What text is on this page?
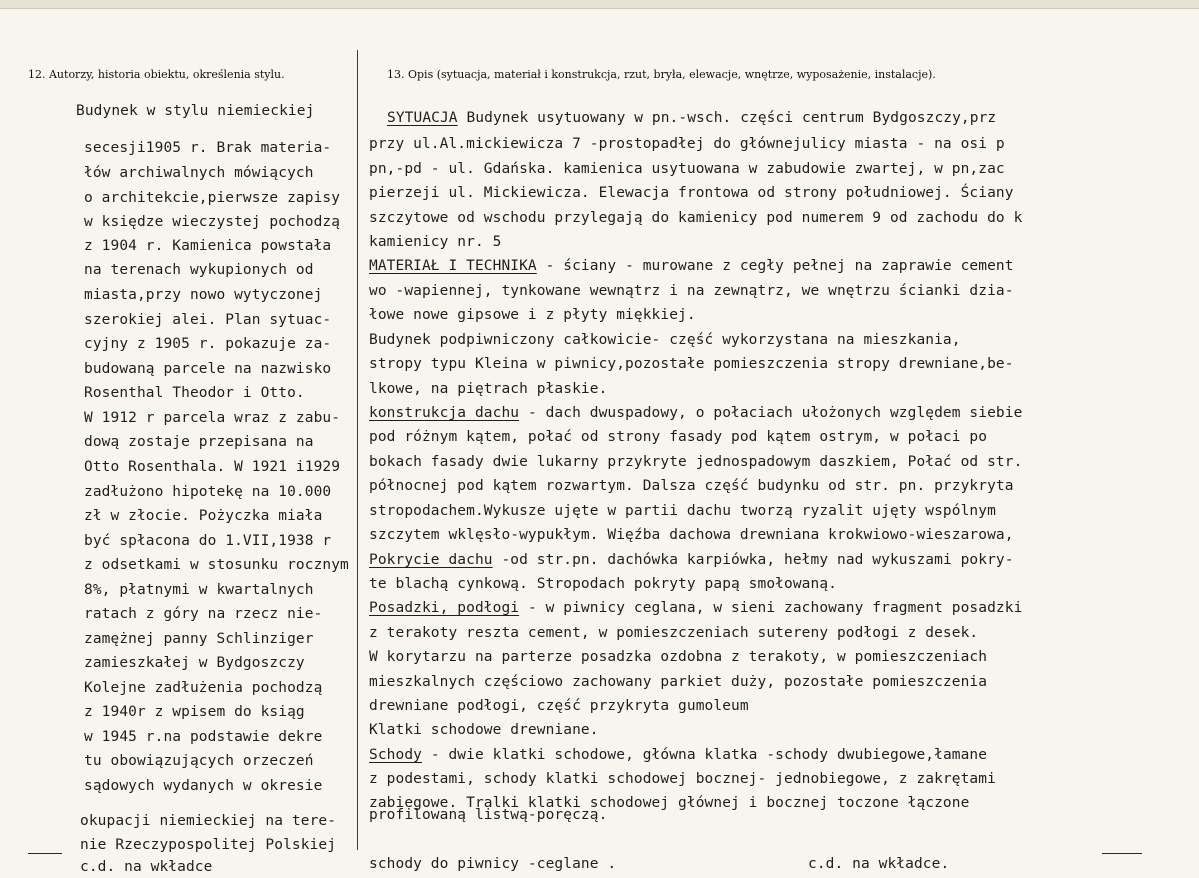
12. Autorzy, historia obiektu, określenia stylu.	13. Opis (sytuacja, materiał i konstrukcja, rzut, bryła, elewacje, wnętrze, wyposażenie, instalacje).
Budynek w stylu niemieckiej
secesji1905 r. Brak materia-
łów archiwalnych mówiących
o architekcie,pierwsze zapisy
w księdze wieczystej pochodzą
z 1904 r. Kamienica powstała
na terenach wykupionych od
miasta,przy nowo wytyczonej
szerokiej alei. Plan sytuac-
cyjny z 1905 r. pokazuje za-
budowaną parcele na nazwisko
Rosenthal Theodor i Otto.
W 1912 r parcela wraz z zabu-
dową zostaje przepisana na
Otto Rosenthala. W 1921 i1929
zadłużono hipotekę na 10.000
zł w złocie. Pożyczka miała
być spłacona do 1.VII,1938 r
z odsetkami w stosunku rocznym
8%, płatnymi w kwartalnych
ratach z góry na rzecz nie-
zamężnej panny Schlinziger
zamieszkałej w Bydgoszczy
Kolejne zadłużenia pochodzą
z 1940r z wpisem do ksiąg
w 1945 r.na podstawie dekre
tu obowiązujących orzeczeń
sądowych wydanych w okresie
okupacji niemieckiej na tere-
nie Rzeczypospolitej Polskiej
c.d. na wkładce
SYTUACJA Budynek usytuowany w pn.-wsch. części centrum Bydgoszczy,prz
przy ul.Al.mickiewicza 7 -prostopadłej do głównejulicy miasta - na osi p
pn,-pd - ul. Gdańska. kamienica usytuowana w zabudowie zwartej, w pn,zac
pierzeji ul. Mickiewicza. Elewacja frontowa od strony południowej. Ściany
szczytowe od wschodu przylegają do kamienicy pod numerem 9 od zachodu do k
kamienicy nr. 5
MATERIAŁ I TECHNIKA - ściany - murowane z cegły pełnej na zaprawie cement
wo -wapiennej, tynkowane wewnątrz i na zewnątrz, we wnętrzu ścianki dzia-
łowe nowe gipsowe i z płyty miękkiej.
Budynek podpiwniczony całkowicie- część wykorzystana na mieszkania,
stropy typu Kleina w piwnicy,pozostałe pomieszczenia stropy drewniane,be-
lkowe, na piętrach płaskie.
konstrukcja dachu - dach dwuspadowy, o połaciach ułożonych względem siebie
pod różnym kątem, połać od strony fasady pod kątem ostrym, w połaci po
bokach fasady dwie lukarny przykryte jednospadowym daszkiem, Połać od str.
północnej pod kątem rozwartym. Dalsza część budynku od str. pn. przykryta
stropodachem.Wykusze ujęte w partii dachu tworzą ryzalit ujęty wspólnym
szczytem wklęsło-wypukłym. Więźba dachowa drewniana krokwiowo-wieszarowa,
Pokrycie dachu -od str.pn. dachówka karpiówka, hełmy nad wykuszami pokry-
te blachą cynkową. Stropodach pokryty papą smołowaną.
Posadzki, podłogi - w piwnicy ceglana, w sieni zachowany fragment posadzki
z terakoty reszta cement, w pomieszczeniach sutereny podłogi z desek.
W korytarzu na parterze posadzka ozdobna z terakoty, w pomieszczeniach
mieszkalnych częściowo zachowany parkiet duży, pozostałe pomieszczenia
drewniane podłogi, część przykryta gumoleum
Klatki schodowe drewniane.
Schody - dwie klatki schodowe, główna klatka -schody dwubiegowe,łamane
z podestami, schody klatki schodowej bocznej- jednobiegowe, z zakrętami
zabiegowe. Tralki klatki schodowej głównej i bocznej toczone łączone
profilowaną listwą-poręczą.
schody do piwnicy -ceglane .	c.d. na wkładce.
